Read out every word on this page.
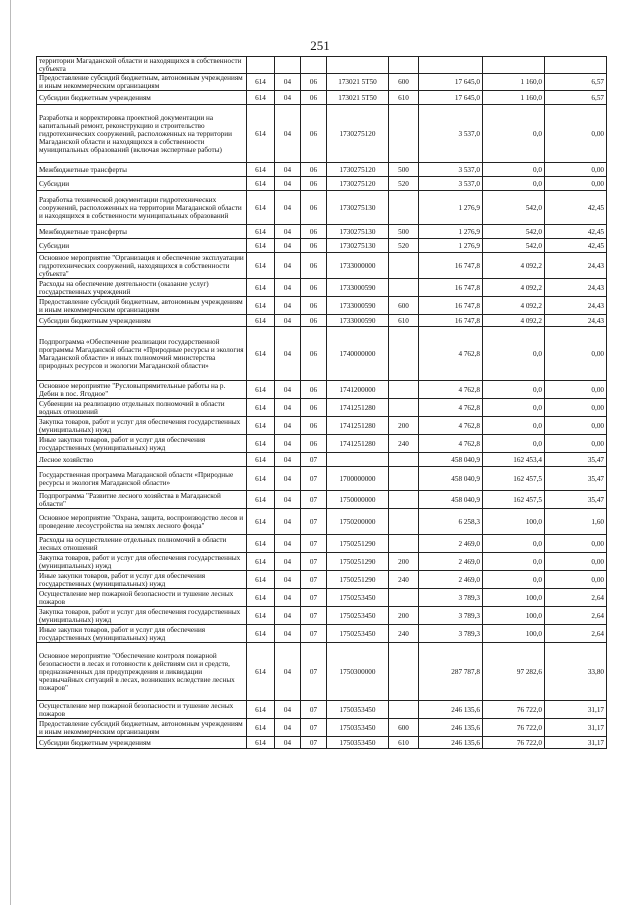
251
территории Магаданской области и находящихся в собственности субъекта								
Предоставление субсидий бюджетным, автономным учреждениям и иным некоммерческим организациям	614	04	06	173021 5Т50	600	17 645,0	1 160,0	6,57
Субсидии бюджетным учреждениям	614	04	06	173021 5Т50	610	17 645,0	1 160,0	6,57
Разработка и корректировка проектной документации на капитальный ремонт, реконструкцию и строительство гидротехнических сооружений, расположенных на территории Магаданской области и находящихся в собственности муниципальных образований (включая экспертные работы)	614	04	06	1730275120		3 537,0	0,0	0,00
Межбюджетные трансферты	614	04	06	1730275120	500	3 537,0	0,0	0,00
Субсидии	614	04	06	1730275120	520	3 537,0	0,0	0,00
Разработка технической документации гидротехнических сооружений, расположенных на территории Магаданской области и находящихся в собственности муниципальных образований	614	04	06	1730275130		1 276,9	542,0	42,45
Межбюджетные трансферты	614	04	06	1730275130	500	1 276,9	542,0	42,45
Субсидии	614	04	06	1730275130	520	1 276,9	542,0	42,45
Основное мероприятие "Организация и обеспечение эксплуатации гидротехнических сооружений, находящихся в собственности субъекта"	614	04	06	1733000000		16 747,8	4 092,2	24,43
Расходы на обеспечение деятельности (оказание услуг) государственных учреждений	614	04	06	1733000590		16 747,8	4 092,2	24,43
Предоставление субсидий бюджетным, автономным учреждениям и иным некоммерческим организациям	614	04	06	1733000590	600	16 747,8	4 092,2	24,43
Субсидии бюджетным учреждениям	614	04	06	1733000590	610	16 747,8	4 092,2	24,43
Подпрограмма «Обеспечение реализации государственной программы Магаданской области «Природные ресурсы и экология Магаданской области» и иных полномочий министерства природных ресурсов и экологии Магаданской области»	614	04	06	1740000000		4 762,8	0,0	0,00
Основное мероприятие "Русловыпрямительные работы на р. Дебин в пос. Ягодное"	614	04	06	1741200000		4 762,8	0,0	0,00
Субвенции на реализацию отдельных полномочий в области водных отношений	614	04	06	1741251280		4 762,8	0,0	0,00
Закупка товаров, работ и услуг для обеспечения государственных (муниципальных) нужд	614	04	06	1741251280	200	4 762,8	0,0	0,00
Иные закупки товаров, работ и услуг для обеспечения государственных (муниципальных) нужд	614	04	06	1741251280	240	4 762,8	0,0	0,00
Лесное хозяйство	614	04	07			458 040,9	162 453,4	35,47
Государственная программа Магаданской области «Природные ресурсы и экология Магаданской области»	614	04	07	1700000000		458 040,9	162 457,5	35,47
Подпрограмма "Развитие лесного хозяйства в Магаданской области"	614	04	07	1750000000		458 040,9	162 457,5	35,47
Основное мероприятие "Охрана, защита, воспроизводство лесов и проведение лесоустройства на землях лесного фонда"	614	04	07	1750200000		6 258,3	100,0	1,60
Расходы на осуществление отдельных полномочий в области лесных отношений	614	04	07	1750251290		2 469,0	0,0	0,00
Закупка товаров, работ и услуг для обеспечения государственных (муниципальных) нужд	614	04	07	1750251290	200	2 469,0	0,0	0,00
Иные закупки товаров, работ и услуг для обеспечения государственных (муниципальных) нужд	614	04	07	1750251290	240	2 469,0	0,0	0,00
Осуществление мер пожарной безопасности и тушение лесных пожаров	614	04	07	1750253450		3 789,3	100,0	2,64
Закупка товаров, работ и услуг для обеспечения государственных (муниципальных) нужд	614	04	07	1750253450	200	3 789,3	100,0	2,64
Иные закупки товаров, работ и услуг для обеспечения государственных (муниципальных) нужд	614	04	07	1750253450	240	3 789,3	100,0	2,64
Основное мероприятие "Обеспечение контроля пожарной безопасности в лесах и готовности к действиям сил и средств, предназначенных для предупреждения и ликвидации чрезвычайных ситуаций в лесах, возникших вследствие лесных пожаров"	614	04	07	1750300000		287 787,8	97 282,6	33,80
Осуществление мер пожарной безопасности и тушение лесных пожаров	614	04	07	1750353450		246 135,6	76 722,0	31,17
Предоставление субсидий бюджетным, автономным учреждениям и иным некоммерческим организациям	614	04	07	1750353450	600	246 135,6	76 722,0	31,17
Субсидии бюджетным учреждениям	614	04	07	1750353450	610	246 135,6	76 722,0	31,17
